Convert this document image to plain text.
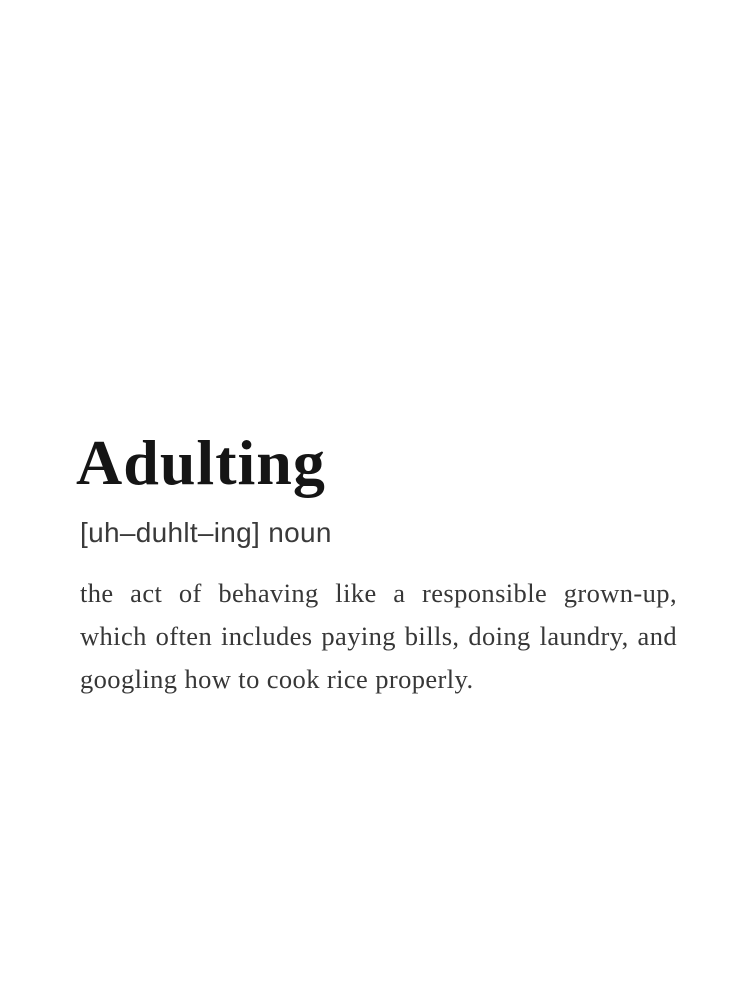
Adulting
[uh–duhlt–ing] noun
the act of behaving like a responsible grown-up,
which often includes paying bills, doing laundry, and
googling how to cook rice properly.
